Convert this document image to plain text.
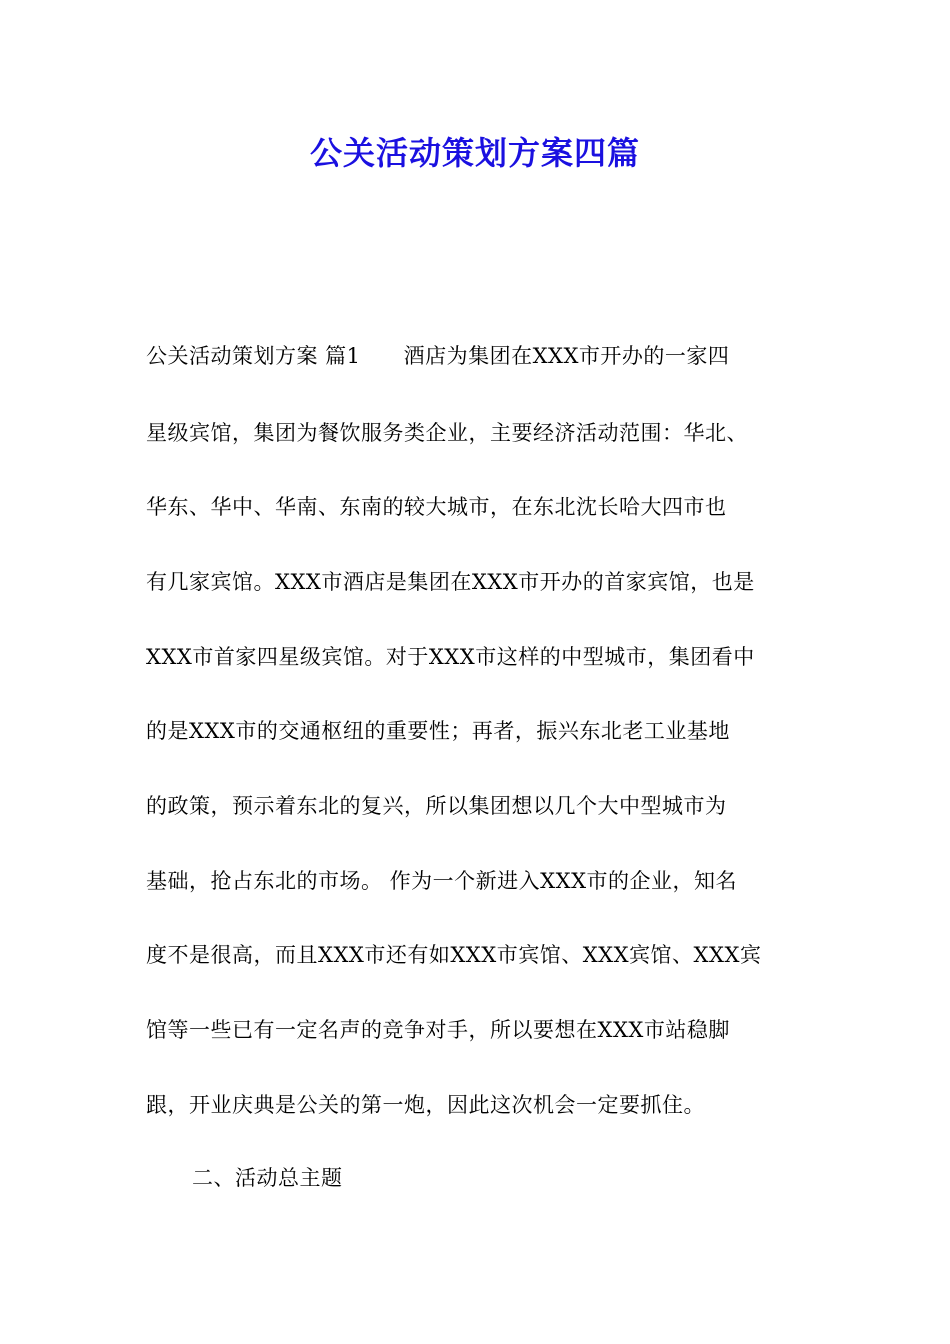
公关活动策划方案四篇
公关活动策划方案 篇1      酒店为集团在XXX市开办的一家四
星级宾馆，集团为餐饮服务类企业，主要经济活动范围：华北、
华东、华中、华南、东南的较大城市，在东北沈长哈大四市也
有几家宾馆。XXX市酒店是集团在XXX市开办的首家宾馆，也是
XXX市首家四星级宾馆。对于XXX市这样的中型城市，集团看中
的是XXX市的交通枢纽的重要性；再者，振兴东北老工业基地
的政策，预示着东北的复兴，所以集团想以几个大中型城市为
基础，抢占东北的市场。 作为一个新进入XXX市的企业，知名
度不是很高，而且XXX市还有如XXX市宾馆、XXX宾馆、XXX宾
馆等一些已有一定名声的竞争对手，所以要想在XXX市站稳脚
跟，开业庆典是公关的第一炮，因此这次机会一定要抓住。
二、活动总主题
